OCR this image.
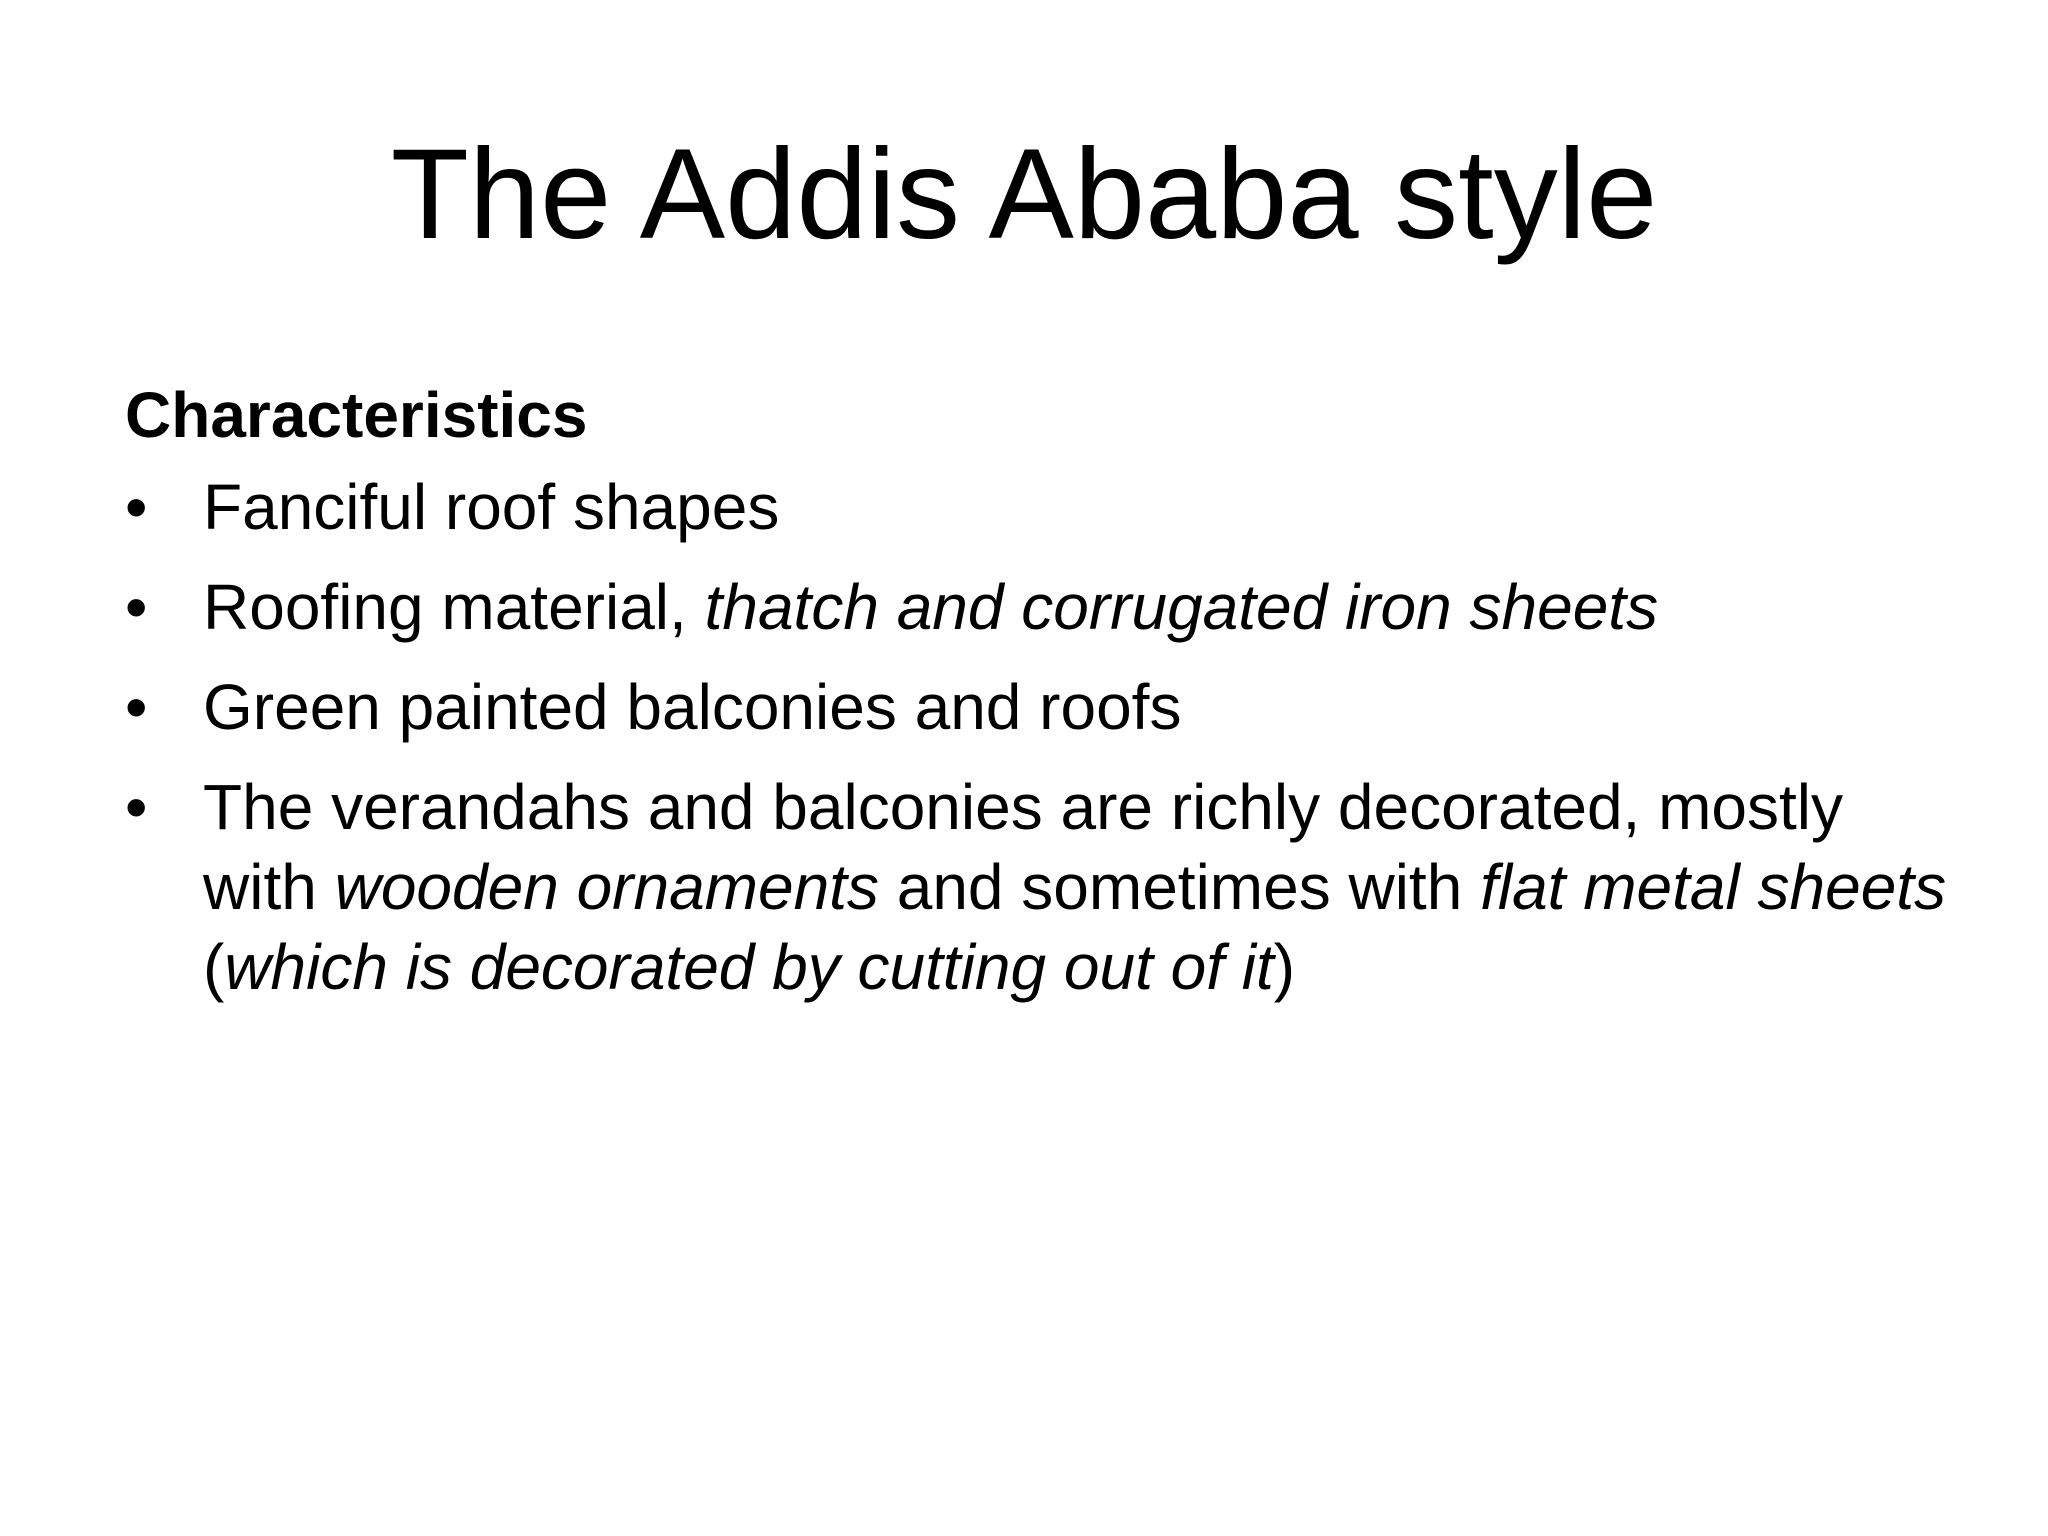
The Addis Ababa style
Characteristics
• Fanciful roof shapes
• Roofing material, thatch and corrugated iron sheets
• Green painted balconies and roofs
• The verandahs and balconies are richly decorated, mostly with wooden ornaments and sometimes with flat metal sheets (which is decorated by cutting out of it)
